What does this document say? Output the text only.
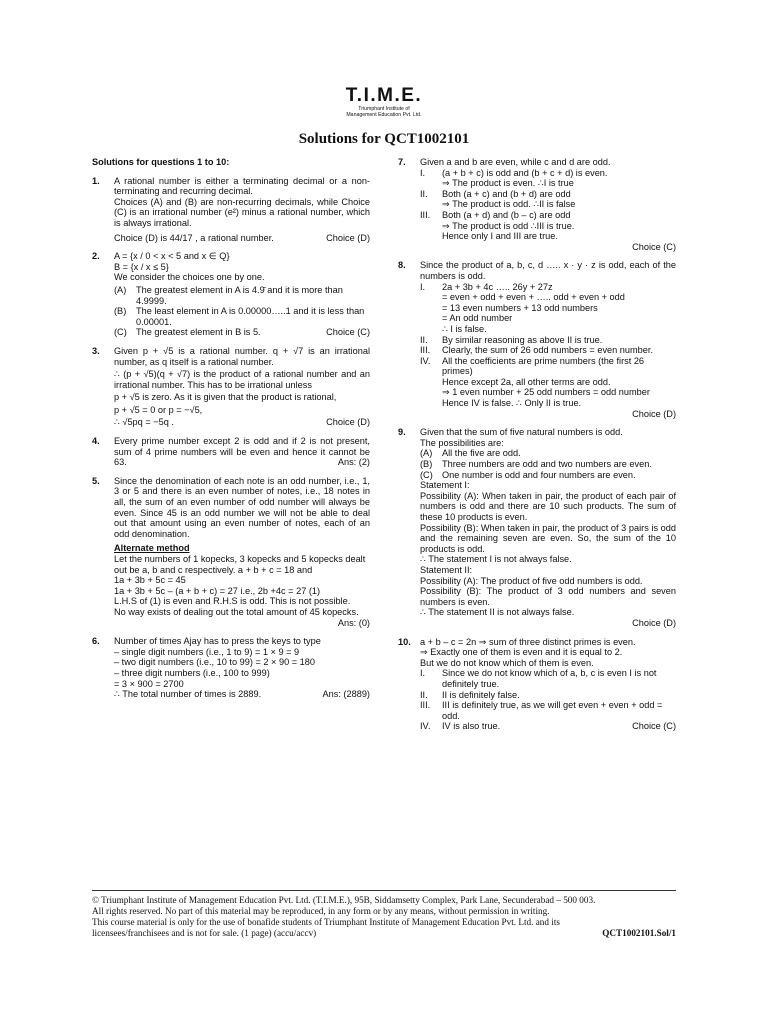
T.I.M.E.
Triumphant Institute of
Management Education Pvt. Ltd.
Solutions for QCT1002101
Solutions for questions 1 to 10:
1. A rational number is either a terminating decimal or a non-terminating and recurring decimal.
Choices (A) and (B) are non-recurring decimals, while Choice (C) is an irrational number (e²) minus a rational number, which is always irrational.
Choice (D) is 44/17 , a rational number.	Choice (D)
2. A = {x / 0 < x < 5 and x ∈ Q}
B = {x / x ≤ 5}
We consider the choices one by one.
(A) The greatest element in A is 4.9̄ and it is more than 4.9999.
(B) The least element in A is 0.00000…..1 and it is less than 0.00001.
(C) The greatest element in B is 5.	Choice (C)
3. Given p + √5 is a rational number. q + √7 is an irrational number, as q itself is a rational number.
∴ (p + √5)(q + √7) is the product of a rational number and an irrational number. This has to be irrational unless
p + √5 is zero. As it is given that the product is rational,
p + √5 = 0 or p = −√5,
∴ √5pq = −5q .	Choice (D)
4. Every prime number except 2 is odd and if 2 is not present, sum of 4 prime numbers will be even and hence it cannot be 63.	Ans: (2)
5. Since the denomination of each note is an odd number, i.e., 1, 3 or 5 and there is an even number of notes, i.e., 18 notes in all, the sum of an even number of odd number will always be even. Since 45 is an odd number we will not be able to deal out that amount using an even number of notes, each of an odd denomination.
Alternate method
Let the numbers of 1 kopecks, 3 kopecks and 5 kopecks dealt out be a, b and c respectively. a + b + c = 18 and
1a + 3b + 5c = 45
1a + 3b + 5c – (a + b + c) = 27 i.e., 2b +4c = 27 (1)
L.H.S of (1) is even and R.H.S is odd. This is not possible.
No way exists of dealing out the total amount of 45 kopecks.
Ans: (0)
6. Number of times Ajay has to press the keys to type
– single digit numbers (i.e., 1 to 9) = 1 × 9 = 9
– two digit numbers (i.e., 10 to 99) = 2 × 90 = 180
– three digit numbers (i.e., 100 to 999)
= 3 × 900 = 2700
∴ The total number of times is 2889.	Ans: (2889)
7. Given a and b are even, while c and d are odd.
I. (a + b + c) is odd and (b + c + d) is even.
⇒ The product is even. ∴I is true
II. Both (a + c) and (b + d) are odd
⇒ The product is odd. ∴II is false
III. Both (a + d) and (b – c) are odd
⇒ The product is odd ∴III is true.
Hence only I and III are true.
Choice (C)
8. Since the product of a, b, c, d ….. x · y · z is odd, each of the numbers is odd.
I. 2a + 3b + 4c ….. 26y + 27z
= even + odd + even + ….. odd + even + odd
= 13 even numbers + 13 odd numbers
= An odd number
∴ I is false.
II. By similar reasoning as above II is true.
III. Clearly, the sum of 26 odd numbers = even number.
IV. All the coefficients are prime numbers (the first 26 primes)
Hence except 2a, all other terms are odd.
⇒ 1 even number + 25 odd numbers = odd number
Hence IV is false. ∴ Only II is true.
Choice (D)
9. Given that the sum of five natural numbers is odd.
The possibilities are:
(A) All the five are odd.
(B) Three numbers are odd and two numbers are even.
(C) One number is odd and four numbers are even.
Statement I:
Possibility (A): When taken in pair, the product of each pair of numbers is odd and there are 10 such products. The sum of these 10 products is even.
Possibility (B): When taken in pair, the product of 3 pairs is odd and the remaining seven are even. So, the sum of the 10 products is odd.
∴ The statement I is not always false.
Statement II:
Possibility (A): The product of five odd numbers is odd.
Possibility (B): The product of 3 odd numbers and seven numbers is even.
∴ The statement II is not always false.
Choice (D)
10. a + b – c = 2n ⇒ sum of three distinct primes is even.
⇒ Exactly one of them is even and it is equal to 2.
But we do not know which of them is even.
I. Since we do not know which of a, b, c is even I is not definitely true.
II. II is definitely false.
III. III is definitely true, as we will get even + even + odd = odd.
IV. IV is also true.	Choice (C)
© Triumphant Institute of Management Education Pvt. Ltd. (T.I.M.E.), 95B, Siddamsetty Complex, Park Lane, Secunderabad – 500 003.
All rights reserved. No part of this material may be reproduced, in any form or by any means, without permission in writing.
This course material is only for the use of bonafide students of Triumphant Institute of Management Education Pvt. Ltd. and its
licensees/franchisees and is not for sale. (1 page) (accu/accv)	QCT1002101.Sol/1
